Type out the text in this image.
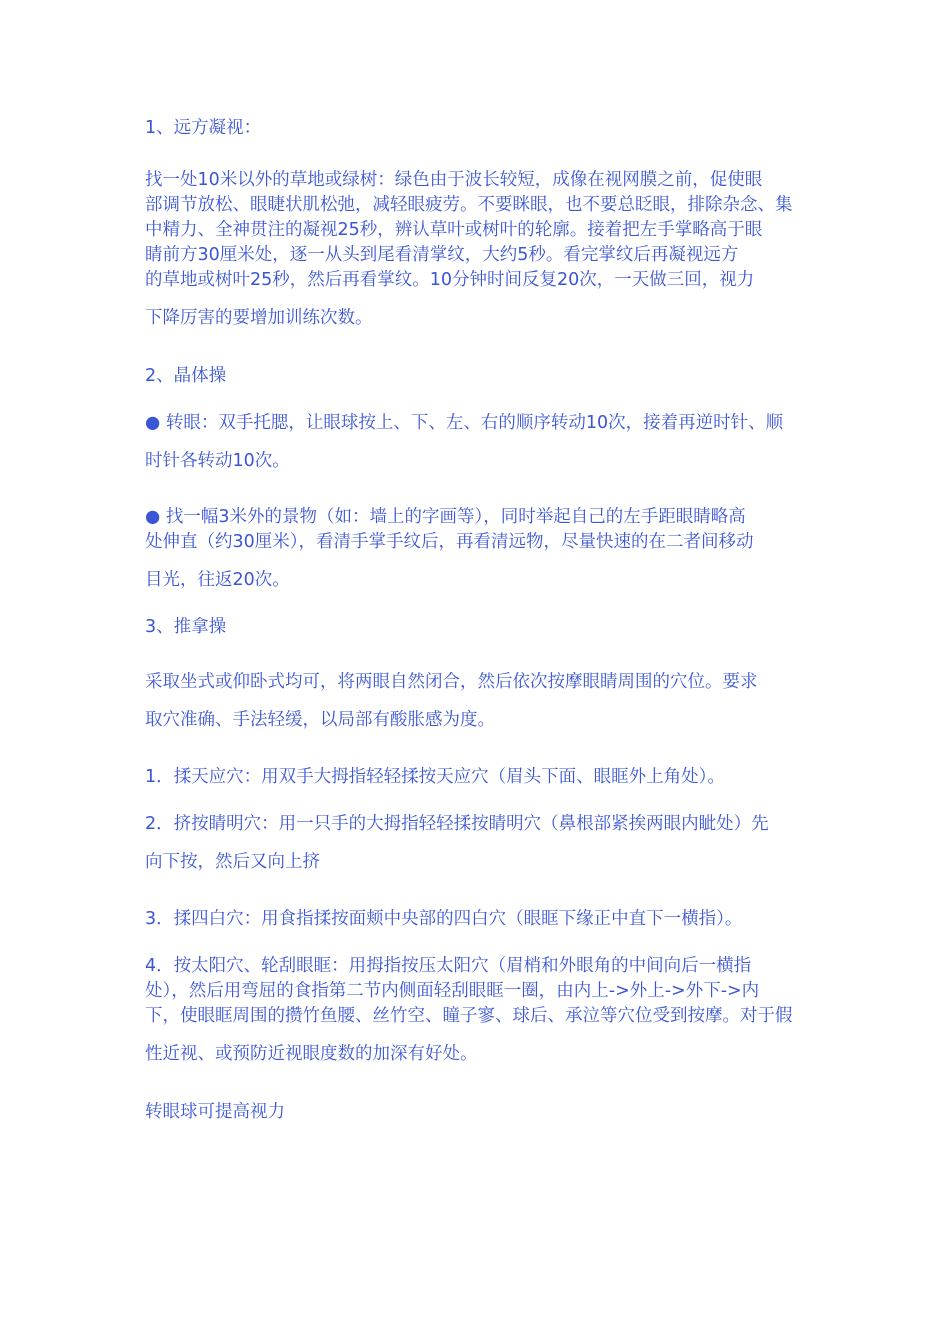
1、远方凝视：
找一处10米以外的草地或绿树：绿色由于波长较短，成像在视网膜之前，促使眼
部调节放松、眼睫状肌松弛，减轻眼疲劳。不要眯眼，也不要总眨眼，排除杂念、集
中精力、全神贯注的凝视25秒，辨认草叶或树叶的轮廓。接着把左手掌略高于眼
睛前方30厘米处，逐一从头到尾看清掌纹，大约5秒。看完掌纹后再凝视远方
的草地或树叶25秒，然后再看掌纹。10分钟时间反复20次，一天做三回，视力
下降厉害的要增加训练次数。
2、晶体操
● 转眼：双手托腮，让眼球按上、下、左、右的顺序转动10次，接着再逆时针、顺
时针各转动10次。
● 找一幅3米外的景物（如：墙上的字画等），同时举起自己的左手距眼睛略高
处伸直（约30厘米），看清手掌手纹后，再看清远物，尽量快速的在二者间移动
目光，往返20次。
3、推拿操
采取坐式或仰卧式均可，将两眼自然闭合，然后依次按摩眼睛周围的穴位。要求
取穴准确、手法轻缓，以局部有酸胀感为度。
1．揉天应穴：用双手大拇指轻轻揉按天应穴（眉头下面、眼眶外上角处）。
2．挤按睛明穴：用一只手的大拇指轻轻揉按睛明穴（鼻根部紧挨两眼内眦处）先
向下按，然后又向上挤
3．揉四白穴：用食指揉按面颊中央部的四白穴（眼眶下缘正中直下一横指）。
4．按太阳穴、轮刮眼眶：用拇指按压太阳穴（眉梢和外眼角的中间向后一横指
处），然后用弯屈的食指第二节内侧面轻刮眼眶一圈，由内上->外上->外下->内
下，使眼眶周围的攒竹鱼腰、丝竹空、瞳子寥、球后、承泣等穴位受到按摩。对于假
性近视、或预防近视眼度数的加深有好处。
转眼球可提高视力
